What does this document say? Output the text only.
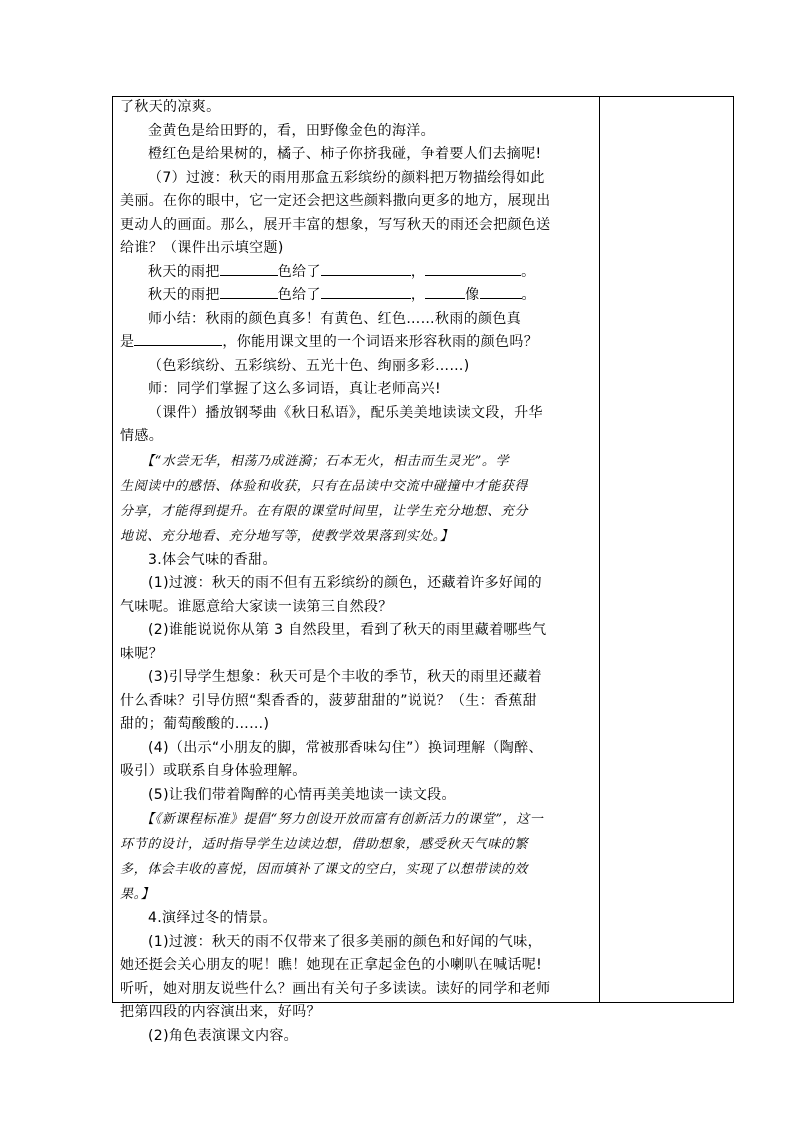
了秋天的凉爽。
金黄色是给田野的，看，田野像金色的海洋。
橙红色是给果树的，橘子、柿子你挤我碰，争着要人们去摘呢!
（7）过渡：秋天的雨用那盒五彩缤纷的颜料把万物描绘得如此
美丽。在你的眼中，它一定还会把这些颜料撒向更多的地方，展现出
更动人的画面。那么，展开丰富的想象，写写秋天的雨还会把颜色送
给谁？（课件出示填空题)
秋天的雨把	色给了	，	。
秋天的雨把	色给了	，	像	。
师小结：秋雨的颜色真多！有黄色、红色……秋雨的颜色真
是	，你能用课文里的一个词语来形容秋雨的颜色吗？
（色彩缤纷、五彩缤纷、五光十色、绚丽多彩……)
师：同学们掌握了这么多词语，真让老师高兴!
（课件）播放钢琴曲《秋日私语》，配乐美美地读读文段，升华
情感。
【“水尝无华，相荡乃成涟漪；石本无火，相击而生灵光”。学
生阅读中的感悟、体验和收获，只有在品读中交流中碰撞中才能获得
分享，才能得到提升。在有限的课堂时间里，让学生充分地想、充分
地说、充分地看、充分地写等，使教学效果落到实处。】
3.体会气味的香甜。
(1)过渡：秋天的雨不但有五彩缤纷的颜色，还藏着许多好闻的
气味呢。谁愿意给大家读一读第三自然段？
(2)谁能说说你从第 3 自然段里，看到了秋天的雨里藏着哪些气
味呢？
(3)引导学生想象：秋天可是个丰收的季节，秋天的雨里还藏着
什么香味？引导仿照“梨香香的，菠萝甜甜的”说说？（生：香蕉甜
甜的；葡萄酸酸的……)
(4)（出示“小朋友的脚，常被那香味勾住”）换词理解（陶醉、
吸引）或联系自身体验理解。
(5)让我们带着陶醉的心情再美美地读一读文段。
【《新课程标准》提倡“努力创设开放而富有创新活力的课堂”，这一
环节的设计，适时指导学生边读边想，借助想象，感受秋天气味的繁
多，体会丰收的喜悦，因而填补了课文的空白，实现了以想带读的效
果。】
4.演绎过冬的情景。
(1)过渡：秋天的雨不仅带来了很多美丽的颜色和好闻的气味，
她还挺会关心朋友的呢！瞧！她现在正拿起金色的小喇叭在喊话呢!
听听，她对朋友说些什么？画出有关句子多读读。读好的同学和老师
把第四段的内容演出来，好吗？
(2)角色表演课文内容。
